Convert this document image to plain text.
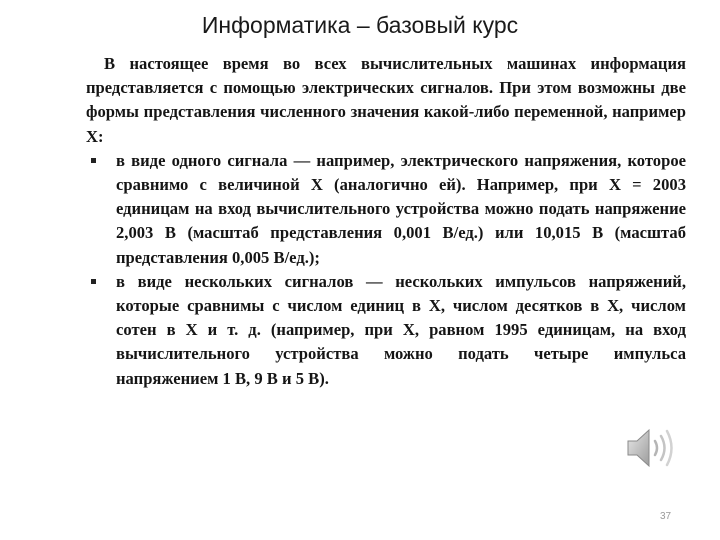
Информатика – базовый курс

В настоящее время во всех вычислительных машинах информация представляется с помощью электрических сигналов. При этом возможны две формы представления численного значения какой-либо переменной, например X:

в виде одного сигнала — например, электрического напряжения, которое сравнимо с величиной X (аналогично ей). Например, при X = 2003 единицам на вход вычислительного устройства можно подать напряжение 2,003 В (масштаб представления 0,001 В/ед.) или 10,015 В (масштаб представления 0,005 В/ед.);
в виде нескольких сигналов — нескольких импульсов напряжений, которые сравнимы с числом единиц в X, числом десятков в X, числом сотен в X и т. д. (например, при X, равном 1995 единицам, на вход вычислительного устройства можно подать четыре импульса напряжением 1 В, 9 В и 5 В).
37
